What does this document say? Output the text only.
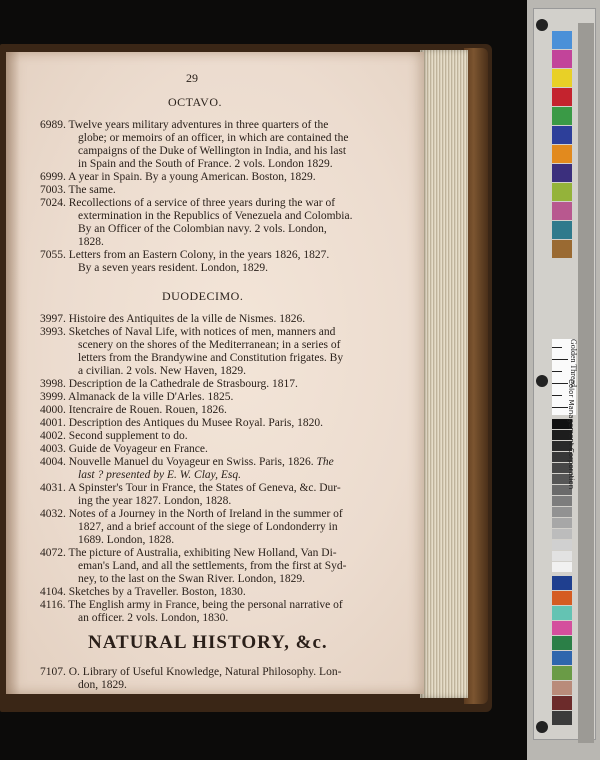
29
OCTAVO.
6989. Twelve years military adventures in three quarters of the
globe; or memoirs of an officer, in which are contained the
campaigns of the Duke of Wellington in India, and his last
in Spain and the South of France. 2 vols. London 1829.
6999. A year in Spain. By a young American. Boston, 1829.
7003. The same.
7024. Recollections of a service of three years during the war of
extermination in the Republics of Venezuela and Colombia.
By an Officer of the Colombian navy. 2 vols. London,
1828.
7055. Letters from an Eastern Colony, in the years 1826, 1827.
By a seven years resident. London, 1829.
DUODECIMO.
3997. Histoire des Antiquites de la ville de Nismes. 1826.
3993. Sketches of Naval Life, with notices of men, manners and
scenery on the shores of the Mediterranean; in a series of
letters from the Brandywine and Constitution frigates. By
a civilian. 2 vols. New Haven, 1829.
3998. Description de la Cathedrale de Strasbourg. 1817.
3999. Almanack de la ville D'Arles. 1825.
4000. Itencraire de Rouen. Rouen, 1826.
4001. Description des Antiques du Musee Royal. Paris, 1820.
4002. Second supplement to do.
4003. Guide de Voyageur en France.
4004. Nouvelle Manuel du Voyageur en Swiss. Paris, 1826. The
last ? presented by E. W. Clay, Esq.
4031. A Spinster's Tour in France, the States of Geneva, &c. Dur-
ing the year 1827. London, 1828.
4032. Notes of a Journey in the North of Ireland in the summer of
1827, and a brief account of the siege of Londonderry in
1689. London, 1828.
4072. The picture of Australia, exhibiting New Holland, Van Di-
eman's Land, and all the settlements, from the first at Syd-
ney, to the last on the Swan River. London, 1829.
4104. Sketches by a Traveller. Boston, 1830.
4116. The English army in France, being the personal narrative of
an officer. 2 vols. London, 1830.
NATURAL HISTORY, &c.
7107. O. Library of Useful Knowledge, Natural Philosophy. Lon-
don, 1829.
Color Management Corporation
Golden Thread
